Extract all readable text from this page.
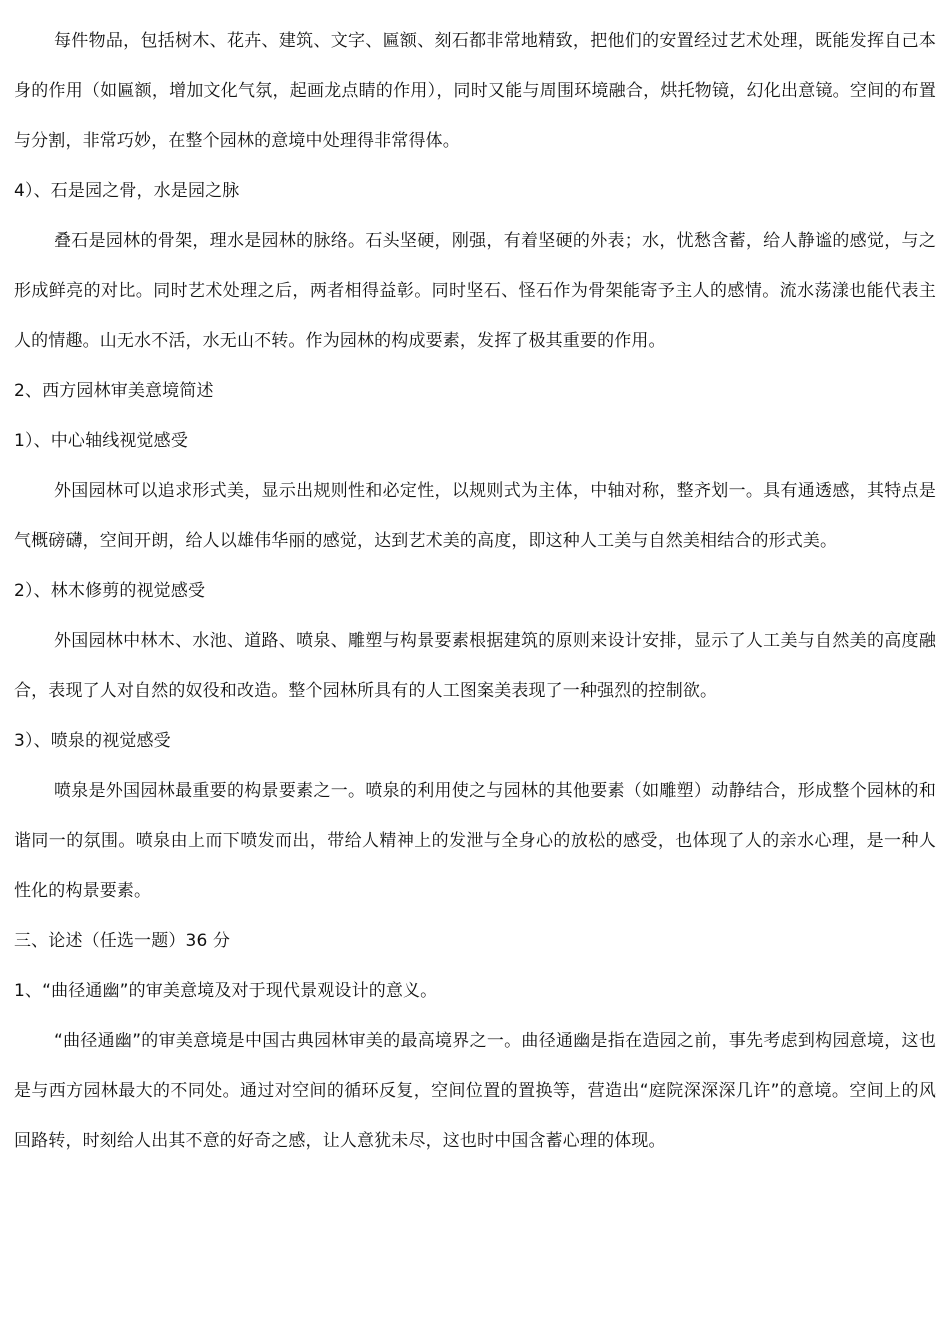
每件物品，包括树木、花卉、建筑、文字、匾额、刻石都非常地精致，把他们的安置经过艺术处理，既能发挥自己本身的作用（如匾额，增加文化气氛，起画龙点睛的作用），同时又能与周围环境融合，烘托物镜，幻化出意镜。空间的布置与分割，非常巧妙，在整个园林的意境中处理得非常得体。

4）、石是园之骨，水是园之脉

叠石是园林的骨架，理水是园林的脉络。石头坚硬，刚强，有着坚硬的外表；水，忧愁含蓄，给人静谧的感觉，与之形成鲜亮的对比。同时艺术处理之后，两者相得益彰。同时坚石、怪石作为骨架能寄予主人的感情。流水荡漾也能代表主人的情趣。山无水不活，水无山不转。作为园林的构成要素，发挥了极其重要的作用。

2、西方园林审美意境简述
1）、中心轴线视觉感受

外国园林可以追求形式美，显示出规则性和必定性，以规则式为主体，中轴对称，整齐划一。具有通透感，其特点是气概磅礴，空间开朗，给人以雄伟华丽的感觉，达到艺术美的高度，即这种人工美与自然美相结合的形式美。

2）、林木修剪的视觉感受

外国园林中林木、水池、道路、喷泉、雕塑与构景要素根据建筑的原则来设计安排，显示了人工美与自然美的高度融合，表现了人对自然的奴役和改造。整个园林所具有的人工图案美表现了一种强烈的控制欲。

3）、喷泉的视觉感受

喷泉是外国园林最重要的构景要素之一。喷泉的利用使之与园林的其他要素（如雕塑）动静结合，形成整个园林的和谐同一的氛围。喷泉由上而下喷发而出，带给人精神上的发泄与全身心的放松的感受，也体现了人的亲水心理，是一种人性化的构景要素。

三、论述（任选一题）36 分
1、“曲径通幽”的审美意境及对于现代景观设计的意义。

“曲径通幽”的审美意境是中国古典园林审美的最高境界之一。曲径通幽是指在造园之前，事先考虑到构园意境，这也是与西方园林最大的不同处。通过对空间的循环反复，空间位置的置换等，营造出“庭院深深深几许”的意境。空间上的风回路转，时刻给人出其不意的好奇之感，让人意犹未尽，这也时中国含蓄心理的体现。
